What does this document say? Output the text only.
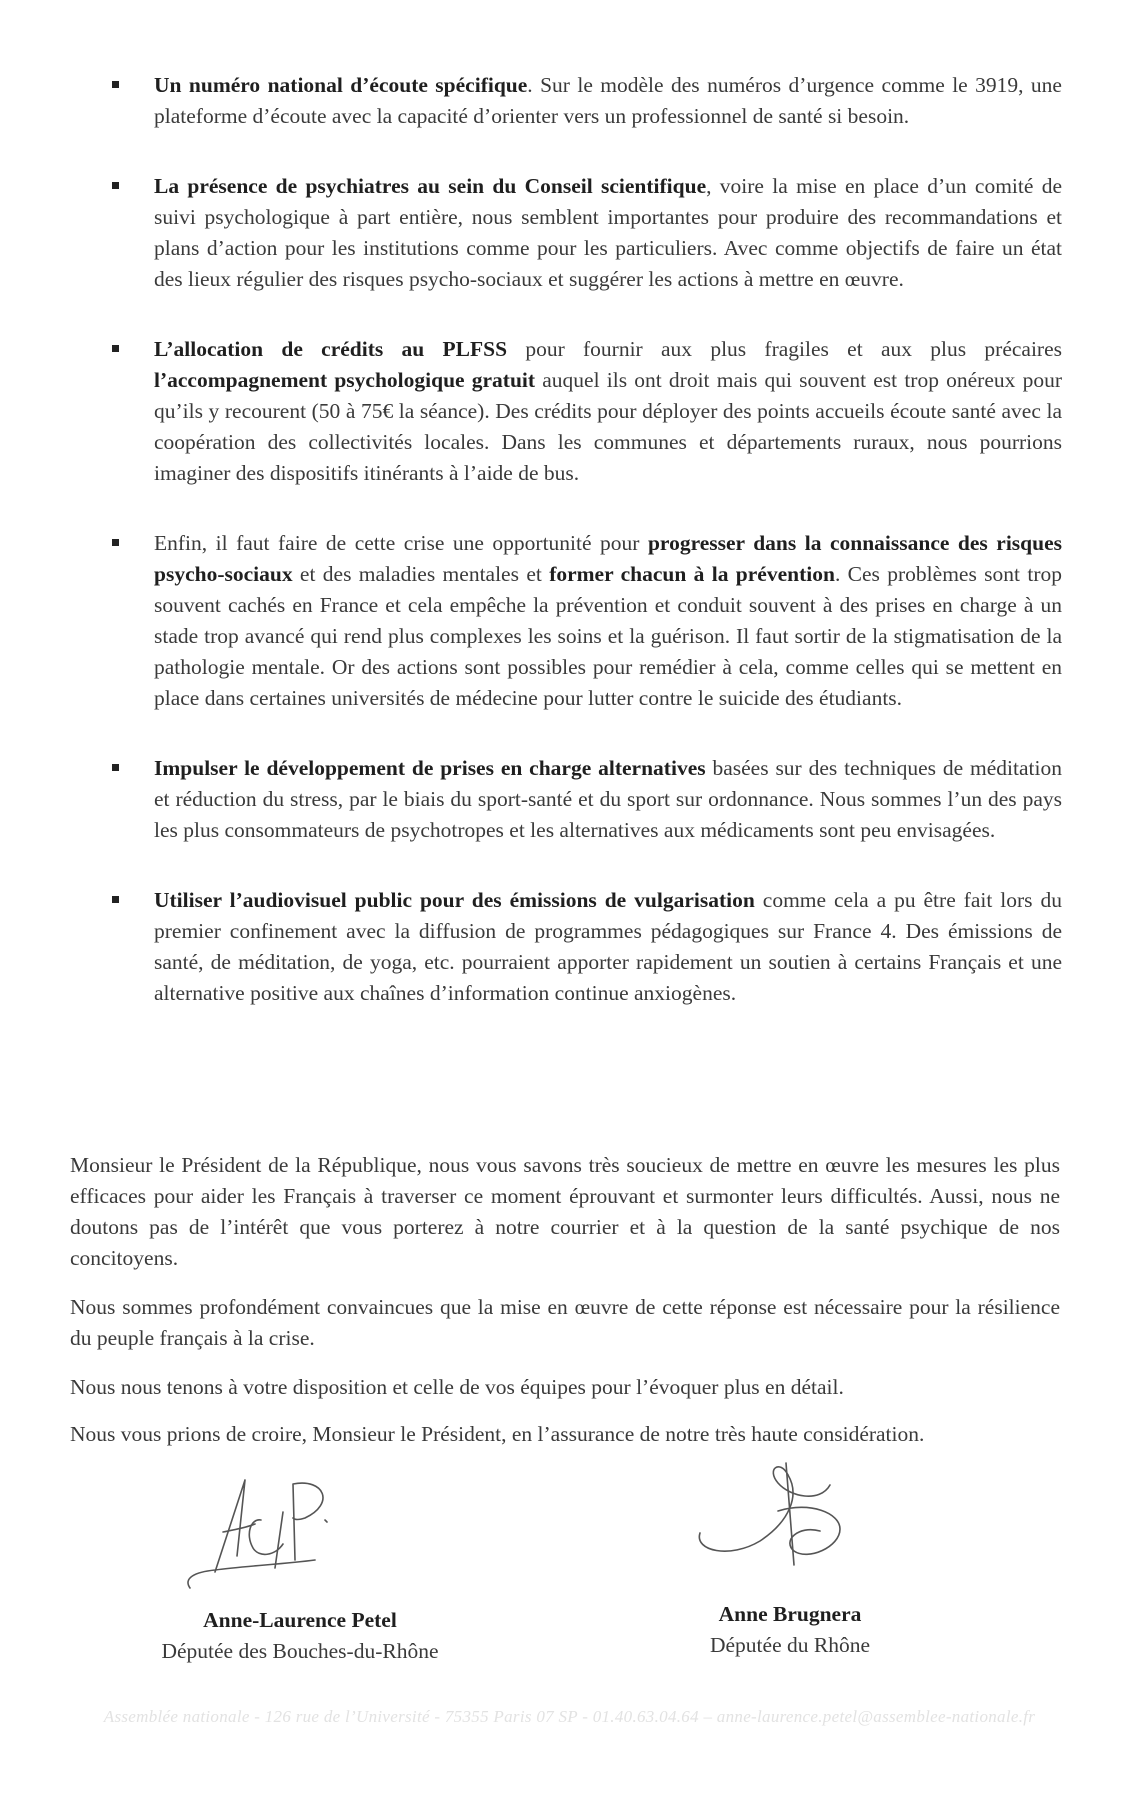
Un numéro national d’écoute spécifique. Sur le modèle des numéros d’urgence comme le 3919, une plateforme d’écoute avec la capacité d’orienter vers un professionnel de santé si besoin.

La présence de psychiatres au sein du Conseil scientifique, voire la mise en place d’un comité de suivi psychologique à part entière, nous semblent importantes pour produire des recommandations et plans d’action pour les institutions comme pour les particuliers. Avec comme objectifs de faire un état des lieux régulier des risques psycho-sociaux et suggérer les actions à mettre en œuvre.

L’allocation de crédits au PLFSS pour fournir aux plus fragiles et aux plus précaires l’accompagnement psychologique gratuit auquel ils ont droit mais qui souvent est trop onéreux pour qu’ils y recourent (50 à 75€ la séance). Des crédits pour déployer des points accueils écoute santé avec la coopération des collectivités locales. Dans les communes et départements ruraux, nous pourrions imaginer des dispositifs itinérants à l’aide de bus.

Enfin, il faut faire de cette crise une opportunité pour progresser dans la connaissance des risques psycho-sociaux et des maladies mentales et former chacun à la prévention. Ces problèmes sont trop souvent cachés en France et cela empêche la prévention et conduit souvent à des prises en charge à un stade trop avancé qui rend plus complexes les soins et la guérison. Il faut sortir de la stigmatisation de la pathologie mentale. Or des actions sont possibles pour remédier à cela, comme celles qui se mettent en place dans certaines universités de médecine pour lutter contre le suicide des étudiants.

Impulser le développement de prises en charge alternatives basées sur des techniques de méditation et réduction du stress, par le biais du sport-santé et du sport sur ordonnance. Nous sommes l’un des pays les plus consommateurs de psychotropes et les alternatives aux médicaments sont peu envisagées.

Utiliser l’audiovisuel public pour des émissions de vulgarisation comme cela a pu être fait lors du premier confinement avec la diffusion de programmes pédagogiques sur France 4. Des émissions de santé, de méditation, de yoga, etc. pourraient apporter rapidement un soutien à certains Français et une alternative positive aux chaînes d’information continue anxiogènes.

Monsieur le Président de la République, nous vous savons très soucieux de mettre en œuvre les mesures les plus efficaces pour aider les Français à traverser ce moment éprouvant et surmonter leurs difficultés. Aussi, nous ne doutons pas de l’intérêt que vous porterez à notre courrier et à la question de la santé psychique de nos concitoyens.

Nous sommes profondément convaincues que la mise en œuvre de cette réponse est nécessaire pour la résilience du peuple français à la crise.

Nous nous tenons à votre disposition et celle de vos équipes pour l’évoquer plus en détail.

Nous vous prions de croire, Monsieur le Président, en l’assurance de notre très haute considération.

Anne-Laurence Petel
Députée des Bouches-du-Rhône
Anne Brugnera
Députée du Rhône
Assemblée nationale - 126 rue de l’Université - 75355 Paris 07 SP - 01.40.63.04.64 – anne-laurence.petel@assemblee-nationale.fr
